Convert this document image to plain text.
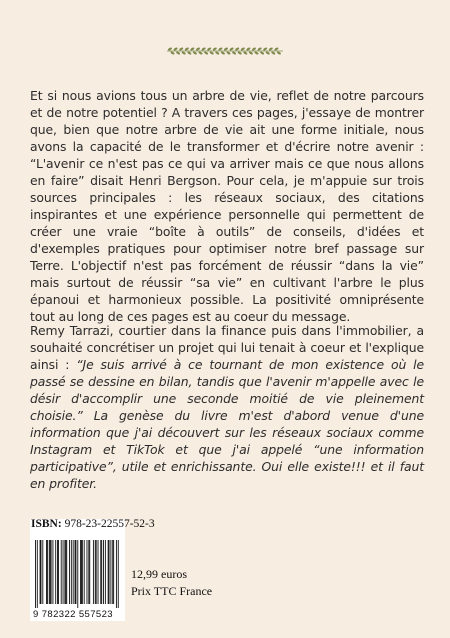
Et si nous avions tous un arbre de vie, reflet de notre parcours et de notre potentiel ? A travers ces pages, j'essaye de montrer que, bien que notre arbre de vie ait une forme initiale, nous avons la capacité de le transformer et d'écrire notre avenir : “L'avenir ce n'est pas ce qui va arriver mais ce que nous allons en faire” disait Henri Bergson. Pour cela, je m'appuie sur trois sources principales : les réseaux sociaux, des citations inspirantes et une expérience personnelle qui permettent de créer une vraie “boîte à outils” de conseils, d'idées et d'exemples pratiques pour optimiser notre bref passage sur Terre. L'objectif n'est pas forcément de réussir “dans la vie” mais surtout de réussir “sa vie” en cultivant l'arbre le plus épanoui et harmonieux possible. La positivité omniprésente tout au long de ces pages est au coeur du message.

Remy Tarrazi, courtier dans la finance puis dans l'immobilier, a souhaité concrétiser un projet qui lui tenait à coeur et l'explique ainsi : “Je suis arrivé à ce tournant de mon existence où le passé se dessine en bilan, tandis que l'avenir m'appelle avec le désir d'accomplir une seconde moitié de vie pleinement choisie.” La genèse du livre m'est d'abord venue d'une information que j'ai découvert sur les réseaux sociaux comme Instagram et TikTok et que j'ai appelé “une information participative”, utile et enrichissante. Oui elle existe!!! et il faut en profiter.

ISBN: 978-23-22557-52-3
9 782322 557523
12,99 euros
Prix TTC France
